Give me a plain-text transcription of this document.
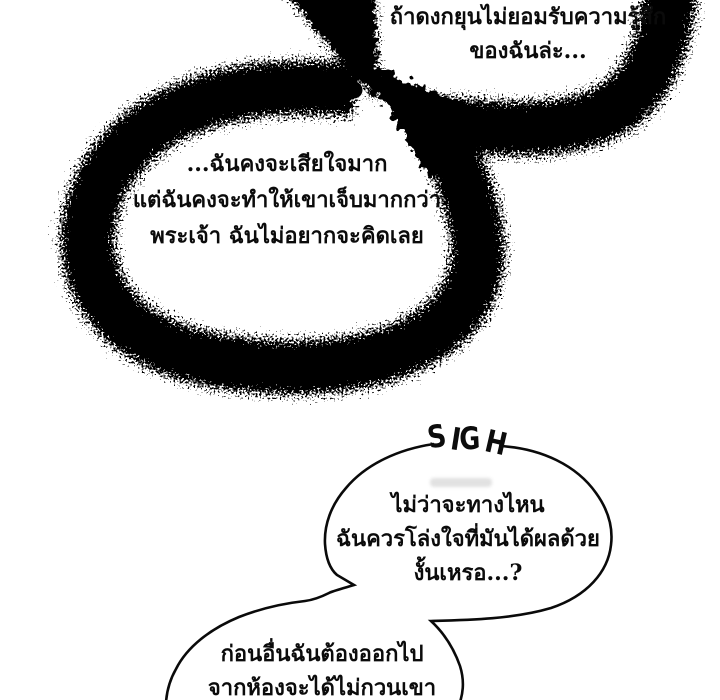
ถ้าดงกยุนไม่ยอมรับความรู้สึก
ของฉันล่ะ...
...ฉันคงจะเสียใจมาก
แต่ฉันคงจะทำให้เขาเจ็บมากกว่า
พระเจ้า ฉันไม่อยากจะคิดเลย
S I
G H
ไม่ว่าจะทางไหน
ฉันควรโล่งใจที่มันได้ผลด้วย
งั้นเหรอ...?
ก่อนอื่นฉันต้องออกไป
จากห้องจะได้ไม่กวนเขา
